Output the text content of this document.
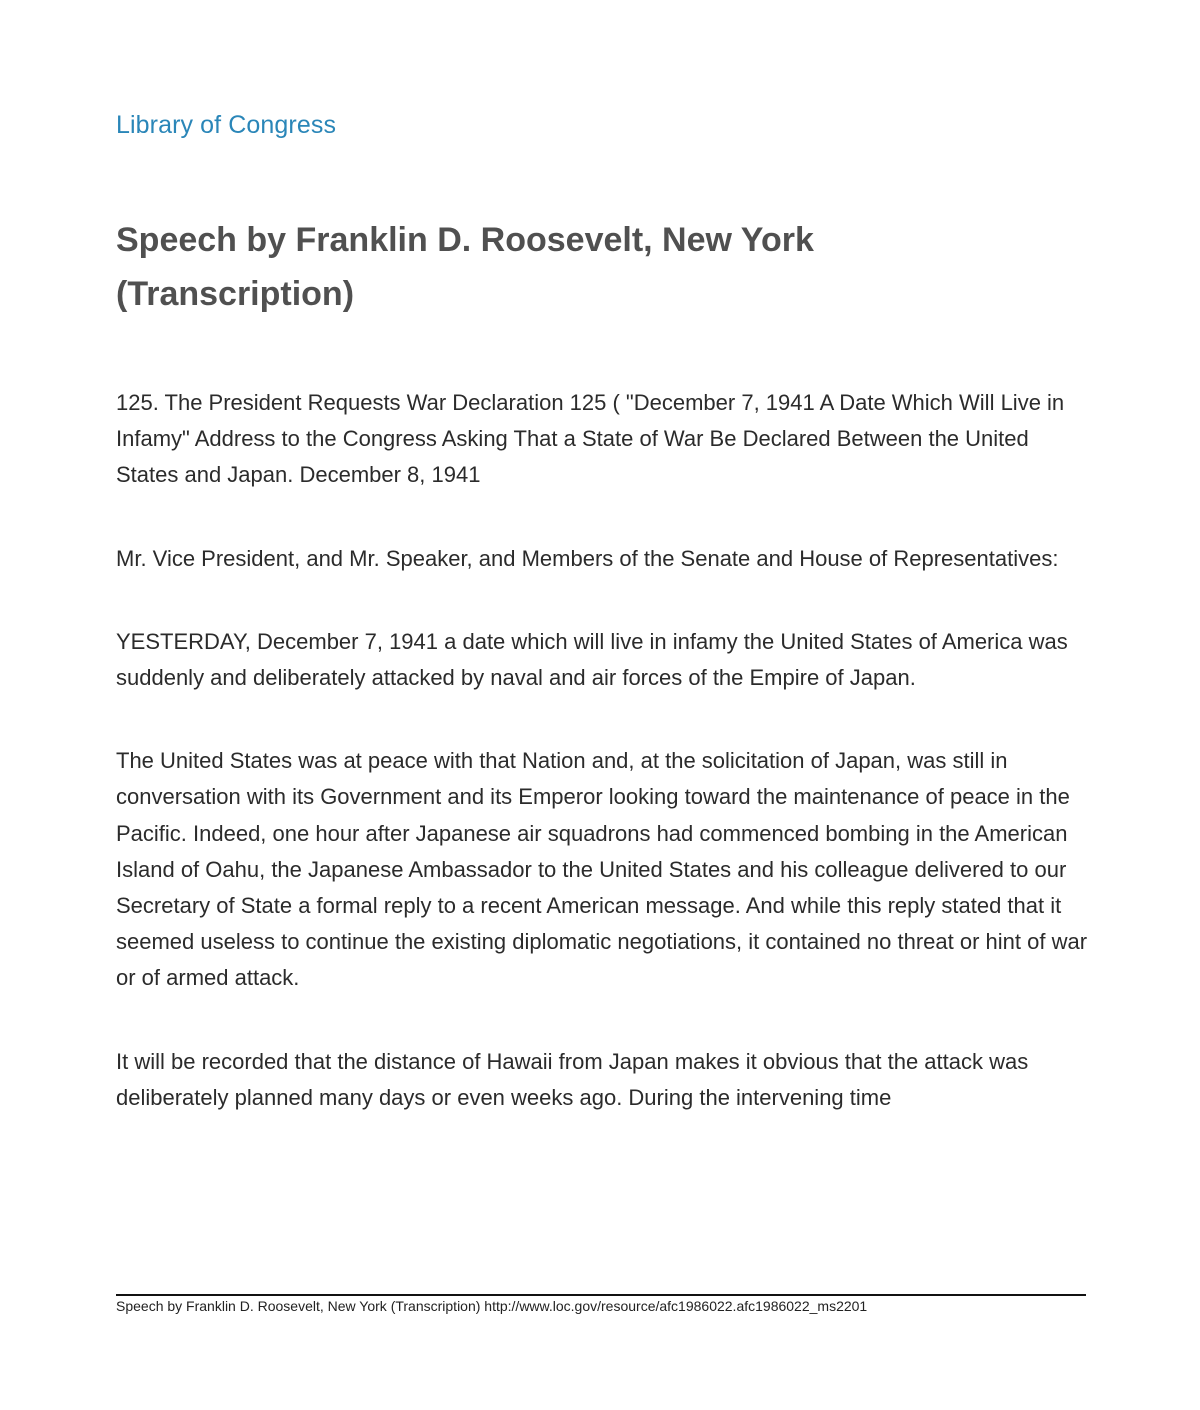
Library of Congress
Speech by Franklin D. Roosevelt, New York (Transcription)

125. The President Requests War Declaration 125 ( "December 7, 1941 A Date Which Will Live in Infamy" Address to the Congress Asking That a State of War Be Declared Between the United States and Japan. December 8, 1941

Mr. Vice President, and Mr. Speaker, and Members of the Senate and House of Representatives:

YESTERDAY, December 7, 1941 a date which will live in infamy the United States of America was suddenly and deliberately attacked by naval and air forces of the Empire of Japan.

The United States was at peace with that Nation and, at the solicitation of Japan, was still in conversation with its Government and its Emperor looking toward the maintenance of peace in the Pacific. Indeed, one hour after Japanese air squadrons had commenced bombing in the American Island of Oahu, the Japanese Ambassador to the United States and his colleague delivered to our Secretary of State a formal reply to a recent American message. And while this reply stated that it seemed useless to continue the existing diplomatic negotiations, it contained no threat or hint of war or of armed attack.

It will be recorded that the distance of Hawaii from Japan makes it obvious that the attack was deliberately planned many days or even weeks ago. During the intervening time

Speech by Franklin D. Roosevelt, New York (Transcription) http://www.loc.gov/resource/afc1986022.afc1986022_ms2201
